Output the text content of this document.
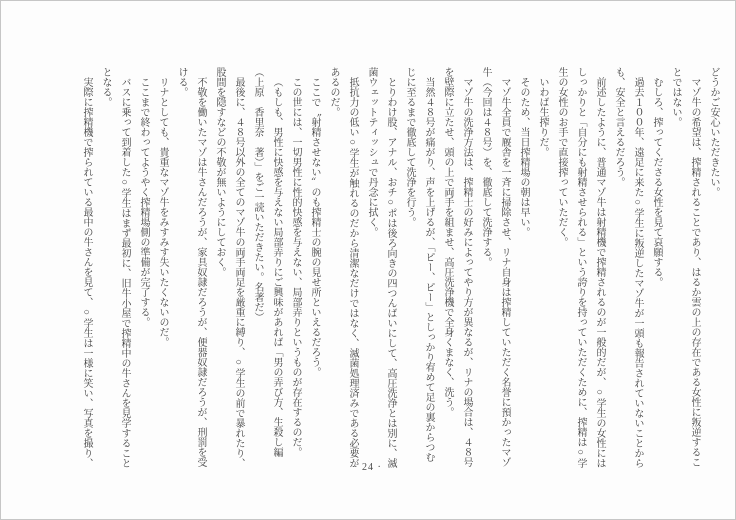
どうかご安心いただきたい。

マゾ牛の希望は、搾精されることであり、はるか雲の上の存在である女性に叛逆することではない。

むしろ、搾ってくださる女性を見て哀願する。

過去１００年、遠足に来た○学生に叛逆したマゾ牛が一頭も報告されていないことからも、安全と言えるだろう。

前述したように、普通マゾ牛は射精機で搾精されるのが一般的だが、○学生の女性にはしっかりと「自分にも射精させられる」という誇りを持っていただくために、搾精は○学生の女性のお手で直接搾っていただく。

いわば生搾りだ。

そのため、当日搾精場の朝は早い。

マゾ牛全員で厩舎を一斉に掃除させ、リナ自身は搾精していただく名誉に預かったマゾ牛（今回は４８号）を、徹底して洗浄する。

マゾ牛の洗浄方法は、搾精士の好みによってやり方が異なるが、リナの場合は、４８号を壁際に立たせ、頭の上で両手を組ませ、高圧洗浄機で全身くまなく、洗う。

当然４８号が痛がり、声を上げるが、「ピー、ピー」としっかり宥めて足の裏からつむじに至るまで徹底して洗浄を行う。

とりわけ股、アナル、おチ○ポは後ろ向きの四つんばいにして、高圧洗浄とは別に、滅菌ウェットティッシュで丹念に拭く。

抵抗力の低い○学生が触れるのだから清潔なだけではなく、滅菌処理済みである必要があるのだ。

ここで〝射精させない〟のも搾精士の腕の見せ所といえるだろう。

この世には、一切男性に性的快感を与えない、局部弄りというものが存在するのだ。

（もしも、男性に快感を与えない局部弄りにご興味があれば「男の弄び方、生殺し編（上原　香里奈　著）」をご一読いただきたい。名著だ）

最後に、４８号以外の全てのマゾ牛の両手両足を厳重に縛り、○学生の前で暴れたり、股間を隠すなどの不敬が無いようにしておく。

不敬を働いたマゾは牛さんだろうが、家具奴隷だろうが、便器奴隷だろうが、刑罰を受ける。

リナとしても、貴重なマゾ牛をみすみす失いたくないのだ。

ここまで終わってようやく搾精場側の準備が完了する。

バスに乗って到着した○学生はまず最初に、旧牛小屋で搾精中の牛さんを見学することとなる。

実際に搾精機で搾られている最中の牛さんを見て、○学生は一様に笑い、写真を撮り、	· 24 ·
